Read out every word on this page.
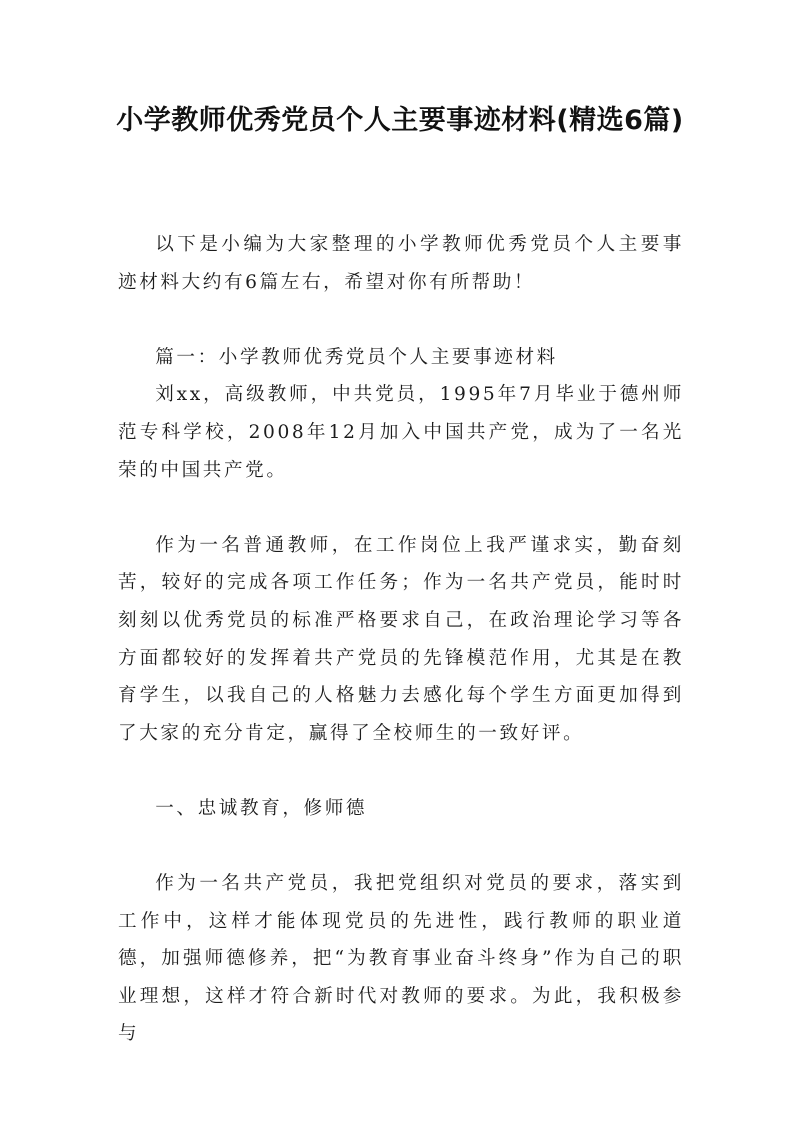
小学教师优秀党员个人主要事迹材料(精选6篇)

以下是小编为大家整理的小学教师优秀党员个人主要事迹材料大约有6篇左右，希望对你有所帮助！

篇一：小学教师优秀党员个人主要事迹材料

刘xx，高级教师，中共党员，1995年7月毕业于德州师范专科学校，2008年12月加入中国共产党，成为了一名光荣的中国共产党。

作为一名普通教师，在工作岗位上我严谨求实，勤奋刻苦，较好的完成各项工作任务；作为一名共产党员，能时时刻刻以优秀党员的标准严格要求自己，在政治理论学习等各方面都较好的发挥着共产党员的先锋模范作用，尤其是在教育学生，以我自己的人格魅力去感化每个学生方面更加得到了大家的充分肯定，赢得了全校师生的一致好评。

一、忠诚教育，修师德

作为一名共产党员，我把党组织对党员的要求，落实到工作中，这样才能体现党员的先进性，践行教师的职业道德，加强师德修养，把“为教育事业奋斗终身”作为自己的职业理想，这样才符合新时代对教师的要求。为此，我积极参与
